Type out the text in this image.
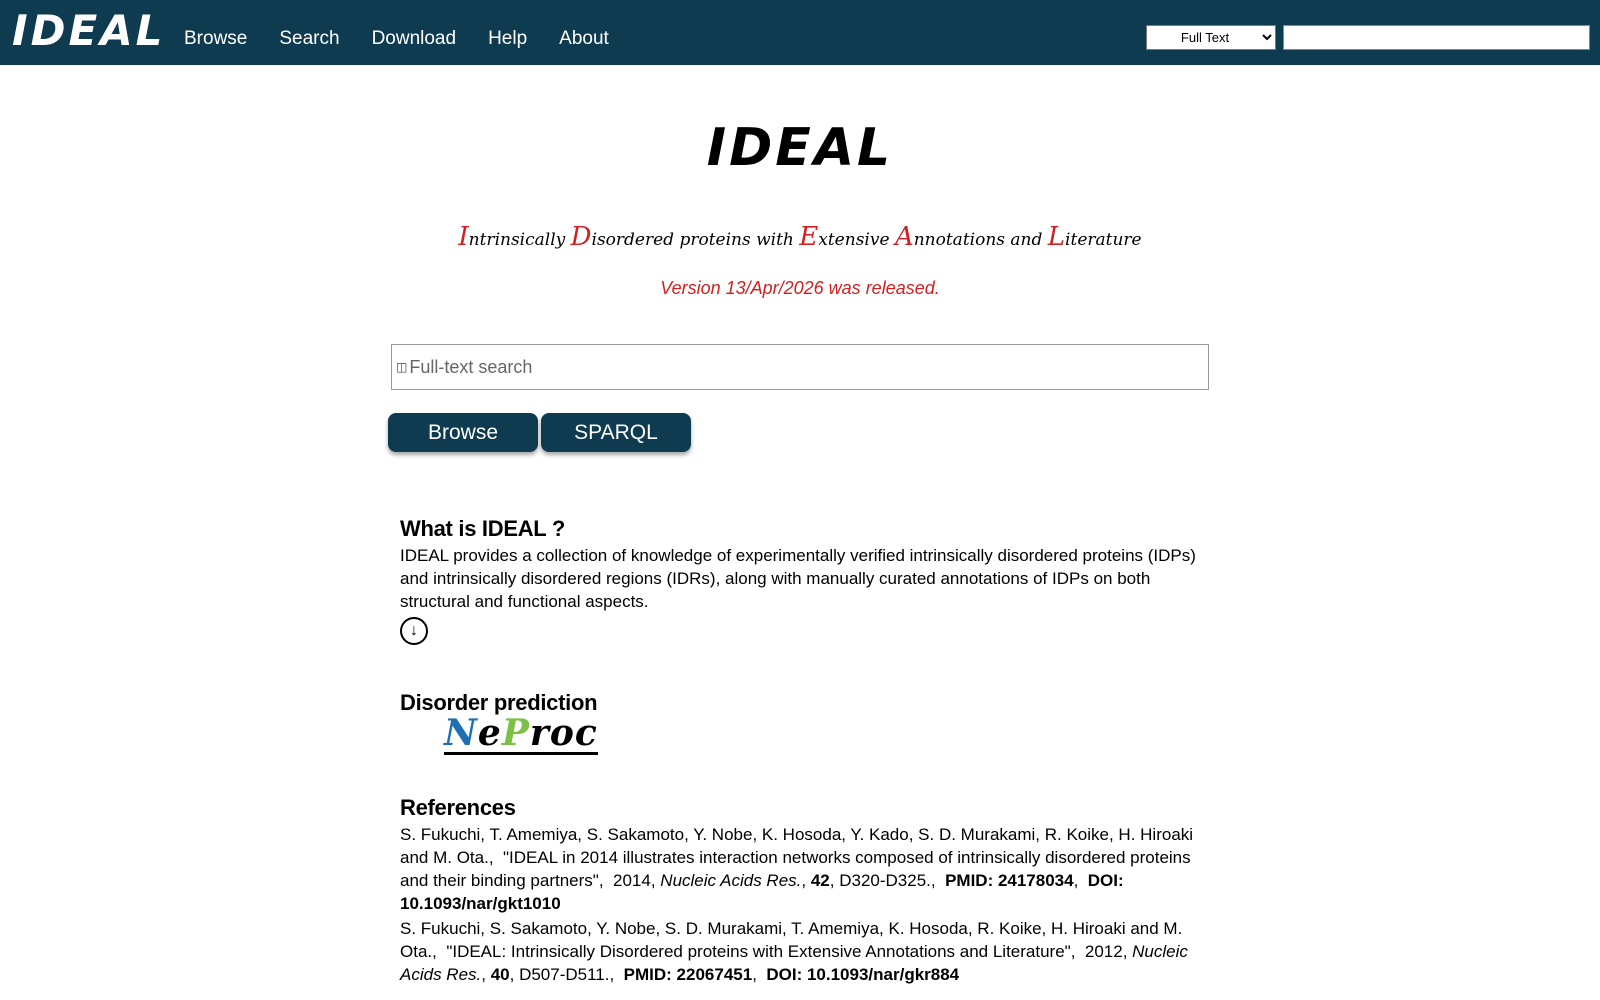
IDEAL Browse Search Download Help About
Full Text
IDEAL
Intrinsically Disordered proteins with Extensive Annotations and Literature
Version 13/Apr/2026 was released.
◫ Full-text search
Browse	SPARQL
What is IDEAL ?

IDEAL provides a collection of knowledge of experimentally verified intrinsically disordered proteins (IDPs) and intrinsically disordered regions (IDRs), along with manually curated annotations of IDPs on both structural and functional aspects.

↓
Disorder prediction
NeProc
References

S. Fukuchi, T. Amemiya, S. Sakamoto, Y. Nobe, K. Hosoda, Y. Kado, S. D. Murakami, R. Koike, H. Hiroaki and M. Ota., "IDEAL in 2014 illustrates interaction networks composed of intrinsically disordered proteins and their binding partners", 2014, Nucleic Acids Res., 42, D320-D325., PMID: 24178034,  DOI: 10.1093/nar/gkt1010

S. Fukuchi, S. Sakamoto, Y. Nobe, S. D. Murakami, T. Amemiya, K. Hosoda, R. Koike, H. Hiroaki and M. Ota., "IDEAL: Intrinsically Disordered proteins with Extensive Annotations and Literature", 2012, Nucleic Acids Res., 40, D507-D511., PMID: 22067451,  DOI: 10.1093/nar/gkr884
